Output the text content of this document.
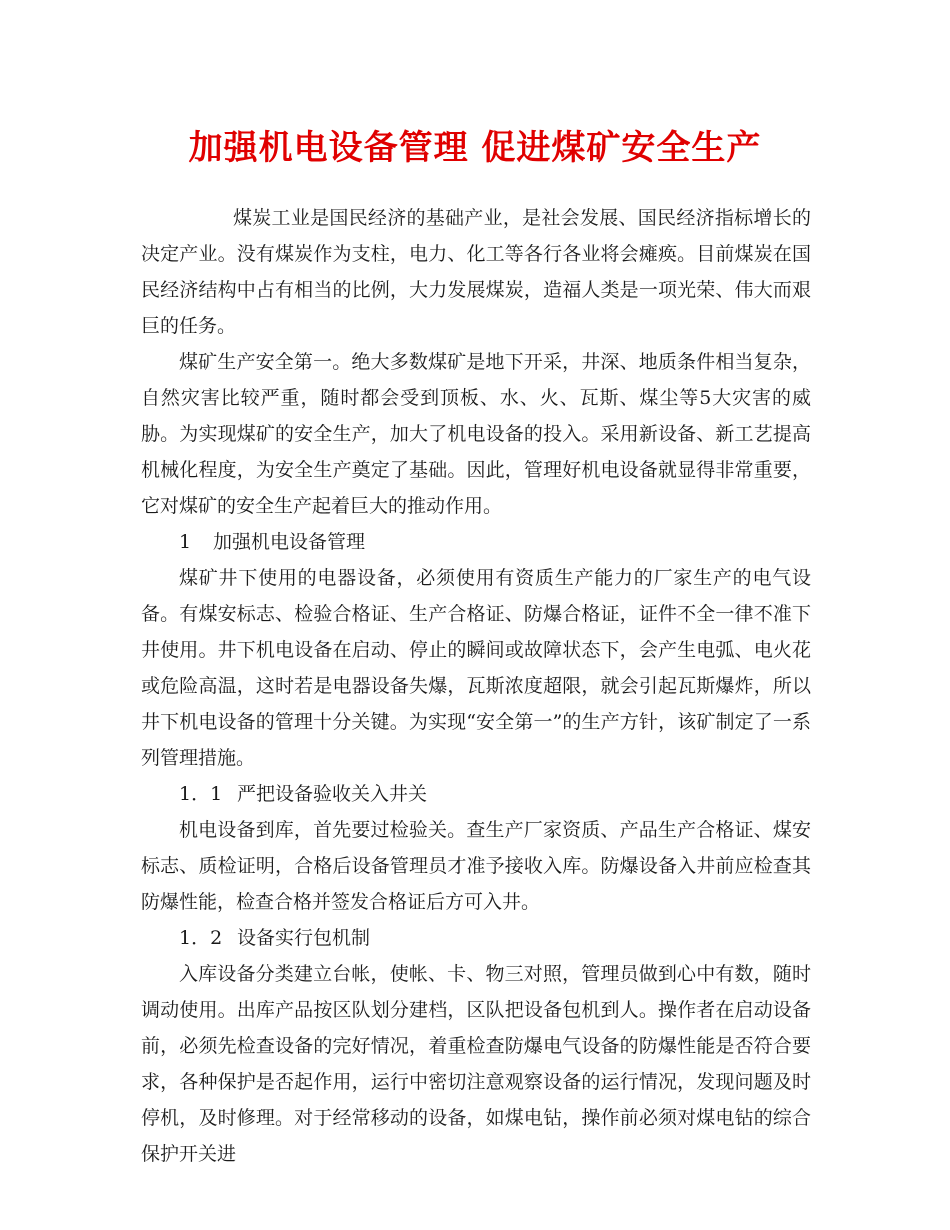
加强机电设备管理 促进煤矿安全生产

煤炭工业是国民经济的基础产业，是社会发展、国民经济指标增长的决定产业。没有煤炭作为支柱，电力、化工等各行各业将会瘫痪。目前煤炭在国民经济结构中占有相当的比例，大力发展煤炭，造福人类是一项光荣、伟大而艰巨的任务。

煤矿生产安全第一。绝大多数煤矿是地下开采，井深、地质条件相当复杂，自然灾害比较严重，随时都会受到顶板、水、火、瓦斯、煤尘等5大灾害的威胁。为实现煤矿的安全生产，加大了机电设备的投入。采用新设备、新工艺提高机械化程度，为安全生产奠定了基础。因此，管理好机电设备就显得非常重要，它对煤矿的安全生产起着巨大的推动作用。

1 加强机电设备管理

煤矿井下使用的电器设备，必须使用有资质生产能力的厂家生产的电气设备。有煤安标志、检验合格证、生产合格证、防爆合格证，证件不全一律不准下井使用。井下机电设备在启动、停止的瞬间或故障状态下，会产生电弧、电火花或危险高温，这时若是电器设备失爆，瓦斯浓度超限，就会引起瓦斯爆炸，所以井下机电设备的管理十分关键。为实现“安全第一”的生产方针，该矿制定了一系列管理措施。

1．1 严把设备验收关入井关

机电设备到库，首先要过检验关。查生产厂家资质、产品生产合格证、煤安标志、质检证明，合格后设备管理员才准予接收入库。防爆设备入井前应检查其防爆性能，检查合格并签发合格证后方可入井。

1．2 设备实行包机制

入库设备分类建立台帐，使帐、卡、物三对照，管理员做到心中有数，随时调动使用。出库产品按区队划分建档，区队把设备包机到人。操作者在启动设备前，必须先检查设备的完好情况，着重检查防爆电气设备的防爆性能是否符合要求，各种保护是否起作用，运行中密切注意观察设备的运行情况，发现问题及时停机，及时修理。对于经常移动的设备，如煤电钻，操作前必须对煤电钻的综合保护开关进
